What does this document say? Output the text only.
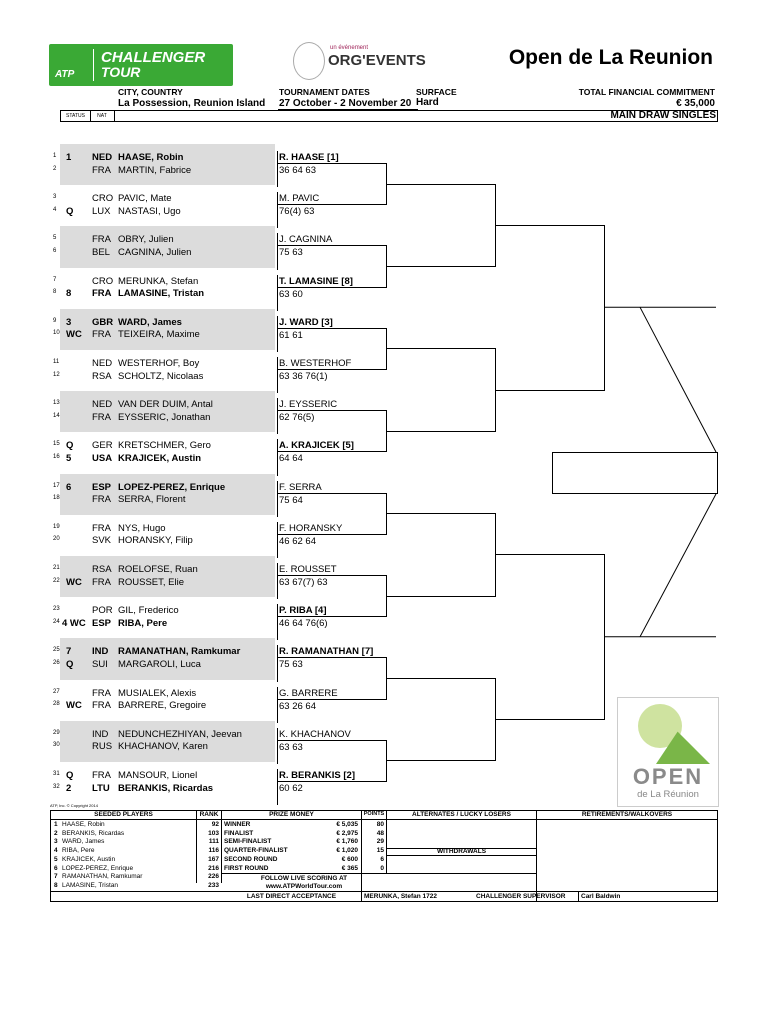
ATP
CHALLENGER
TOUR
un événement
ORG'EVENTS	Open de La Reunion
CITY, COUNTRY
La Possession, Reunion Island
TOURNAMENT DATES
27 October - 2 November 20
SURFACE
Hard
TOTAL FINANCIAL COMMITMENT
€ 35,000
STATUS	NAT	MAIN DRAW SINGLES
1 1 NED HAASE, Robin
2	FRA MARTIN, Fabrice
3	CRO PAVIC, Mate
4 Q LUX NASTASI, Ugo
5	FRA OBRY, Julien
6	BEL CAGNINA, Julien
7	CRO MERUNKA, Stefan
8 8 FRA LAMASINE, Tristan
9 3 GBR WARD, James
10 WC FRA TEIXEIRA, Maxime
11	NED WESTERHOF, Boy
12	RSA SCHOLTZ, Nicolaas
13	NED VAN DER DUIM, Antal
14	FRA EYSSERIC, Jonathan
15 Q GER KRETSCHMER, Gero
16 5 USA KRAJICEK, Austin
17 6 ESP LOPEZ-PEREZ, Enrique
18	FRA SERRA, Florent
19	FRA NYS, Hugo
20	SVK HORANSKY, Filip
21	RSA ROELOFSE, Ruan
22 WC FRA ROUSSET, Elie
23	POR GIL, Frederico
24 4 WC ESP RIBA, Pere
25 7 IND RAMANATHAN, Ramkumar
26 Q SUI MARGAROLI, Luca
27	FRA MUSIALEK, Alexis
28 WC FRA BARRERE, Gregoire
29	IND NEDUNCHEZHIYAN, Jeevan
30	RUS KHACHANOV, Karen
31 Q FRA MANSOUR, Lionel
32 2 LTU BERANKIS, Ricardas
R. HAASE [1]
36 64 63
M. PAVIC
76(4) 63
J. CAGNINA
75 63
T. LAMASINE [8]
63 60
J. WARD [3]
61 61
B. WESTERHOF
63 36 76(1)
J. EYSSERIC
62 76(5)
A. KRAJICEK [5]
64 64
F. SERRA
75 64
F. HORANSKY
46 62 64
E. ROUSSET
63 67(7) 63
P. RIBA [4]
46 64 76(6)
R. RAMANATHAN [7]
75 63
G. BARRERE
63 26 64
K. KHACHANOV
63 63
R. BERANKIS [2]
60 62	OPEN
de La Réunion
ATP, Inc. © Copyright 2014
SEEDED PLAYERS	RANK	PRIZE MONEY	POINTS	ALTERNATES / LUCKY LOSERS	RETIREMENTS/WALKOVERS
WITHDRAWALS
1 HAASE, Robin	92
2 BERANKIS, Ricardas	103
3 WARD, James	111
4 RIBA, Pere	116
5 KRAJICEK, Austin	167
6 LOPEZ-PEREZ, Enrique	216
7 RAMANATHAN, Ramkumar	226
8 LAMASINE, Tristan	233
WINNER	€ 5,035	80
FINALIST	€ 2,975	48
SEMI-FINALIST	€ 1,760	29
QUARTER-FINALIST	€ 1,020	15
SECOND ROUND	€ 600	6
FIRST ROUND	€ 365	0
FOLLOW LIVE SCORING AT
www.ATPWorldTour.com
LAST DIRECT ACCEPTANCE	MERUNKA, Stefan 1722	CHALLENGER SUPERVISOR Carl Baldwin
